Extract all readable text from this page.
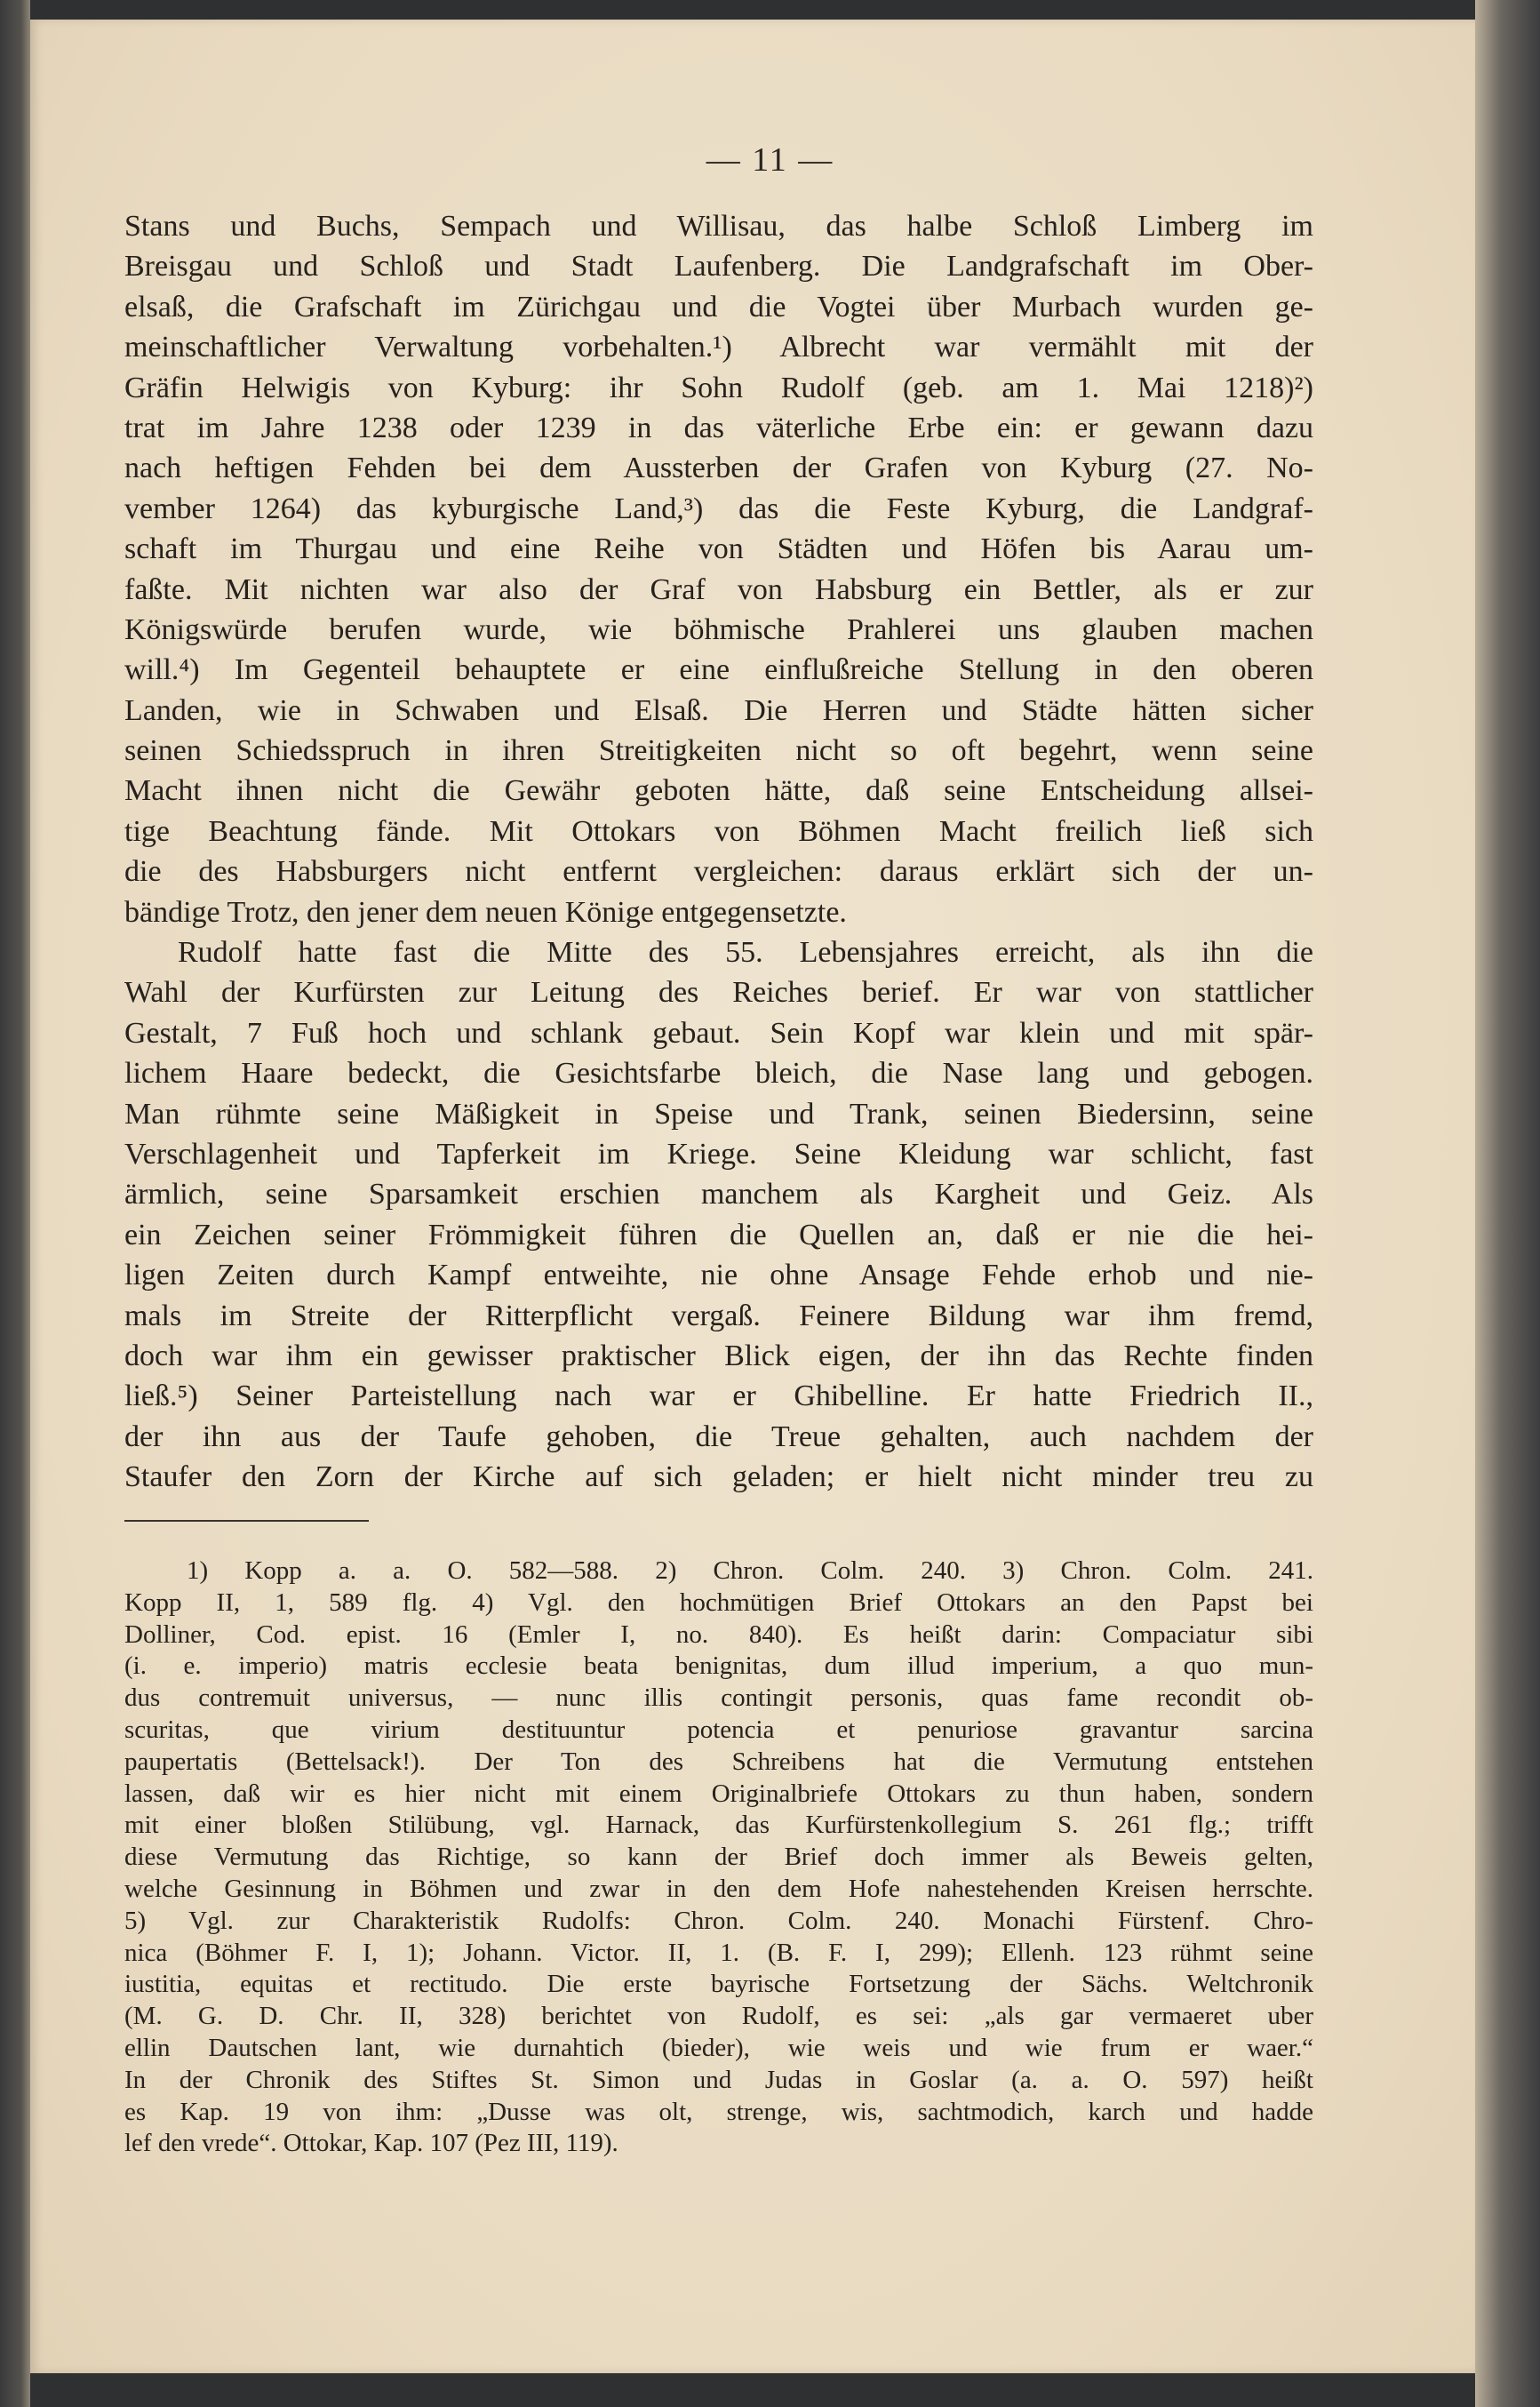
— 11 —
Stans und Buchs, Sempach und Willisau, das halbe Schloß Limberg im
Breisgau und Schloß und Stadt Laufenberg. Die Landgrafschaft im Ober-
elsaß, die Grafschaft im Zürichgau und die Vogtei über Murbach wurden ge-
meinschaftlicher Verwaltung vorbehalten.¹) Albrecht war vermählt mit der
Gräfin Helwigis von Kyburg: ihr Sohn Rudolf (geb. am 1. Mai 1218)²)
trat im Jahre 1238 oder 1239 in das väterliche Erbe ein: er gewann dazu
nach heftigen Fehden bei dem Aussterben der Grafen von Kyburg (27. No-
vember 1264) das kyburgische Land,³) das die Feste Kyburg, die Landgraf-
schaft im Thurgau und eine Reihe von Städten und Höfen bis Aarau um-
faßte. Mit nichten war also der Graf von Habsburg ein Bettler, als er zur
Königswürde berufen wurde, wie böhmische Prahlerei uns glauben machen
will.⁴) Im Gegenteil behauptete er eine einflußreiche Stellung in den oberen
Landen, wie in Schwaben und Elsaß. Die Herren und Städte hätten sicher
seinen Schiedsspruch in ihren Streitigkeiten nicht so oft begehrt, wenn seine
Macht ihnen nicht die Gewähr geboten hätte, daß seine Entscheidung allsei-
tige Beachtung fände. Mit Ottokars von Böhmen Macht freilich ließ sich
die des Habsburgers nicht entfernt vergleichen: daraus erklärt sich der un-
bändige Trotz, den jener dem neuen Könige entgegensetzte.
Rudolf hatte fast die Mitte des 55. Lebensjahres erreicht, als ihn die
Wahl der Kurfürsten zur Leitung des Reiches berief. Er war von stattlicher
Gestalt, 7 Fuß hoch und schlank gebaut. Sein Kopf war klein und mit spär-
lichem Haare bedeckt, die Gesichtsfarbe bleich, die Nase lang und gebogen.
Man rühmte seine Mäßigkeit in Speise und Trank, seinen Biedersinn, seine
Verschlagenheit und Tapferkeit im Kriege. Seine Kleidung war schlicht, fast
ärmlich, seine Sparsamkeit erschien manchem als Kargheit und Geiz. Als
ein Zeichen seiner Frömmigkeit führen die Quellen an, daß er nie die hei-
ligen Zeiten durch Kampf entweihte, nie ohne Ansage Fehde erhob und nie-
mals im Streite der Ritterpflicht vergaß. Feinere Bildung war ihm fremd,
doch war ihm ein gewisser praktischer Blick eigen, der ihn das Rechte finden
ließ.⁵) Seiner Parteistellung nach war er Ghibelline. Er hatte Friedrich II.,
der ihn aus der Taufe gehoben, die Treue gehalten, auch nachdem der
Staufer den Zorn der Kirche auf sich geladen; er hielt nicht minder treu zu
1) Kopp a. a. O. 582—588. 2) Chron. Colm. 240. 3) Chron. Colm. 241.
Kopp II, 1, 589 flg. 4) Vgl. den hochmütigen Brief Ottokars an den Papst bei
Dolliner, Cod. epist. 16 (Emler I, no. 840). Es heißt darin: Compaciatur sibi
(i. e. imperio) matris ecclesie beata benignitas, dum illud imperium, a quo mun-
dus contremuit universus, — nunc illis contingit personis, quas fame recondit ob-
scuritas, que virium destituuntur potencia et penuriose gravantur sarcina
paupertatis (Bettelsack!). Der Ton des Schreibens hat die Vermutung entstehen
lassen, daß wir es hier nicht mit einem Originalbriefe Ottokars zu thun haben, sondern
mit einer bloßen Stilübung, vgl. Harnack, das Kurfürstenkollegium S. 261 flg.; trifft
diese Vermutung das Richtige, so kann der Brief doch immer als Beweis gelten,
welche Gesinnung in Böhmen und zwar in den dem Hofe nahestehenden Kreisen herrschte.
5) Vgl. zur Charakteristik Rudolfs: Chron. Colm. 240. Monachi Fürstenf. Chro-
nica (Böhmer F. I, 1); Johann. Victor. II, 1. (B. F. I, 299); Ellenh. 123 rühmt seine
iustitia, equitas et rectitudo. Die erste bayrische Fortsetzung der Sächs. Weltchronik
(M. G. D. Chr. II, 328) berichtet von Rudolf, es sei: „als gar vermaeret uber
ellin Dautschen lant, wie durnahtich (bieder), wie weis und wie frum er waer.“
In der Chronik des Stiftes St. Simon und Judas in Goslar (a. a. O. 597) heißt
es Kap. 19 von ihm: „Dusse was olt, strenge, wis, sachtmodich, karch und hadde
lef den vrede“. Ottokar, Kap. 107 (Pez III, 119).
